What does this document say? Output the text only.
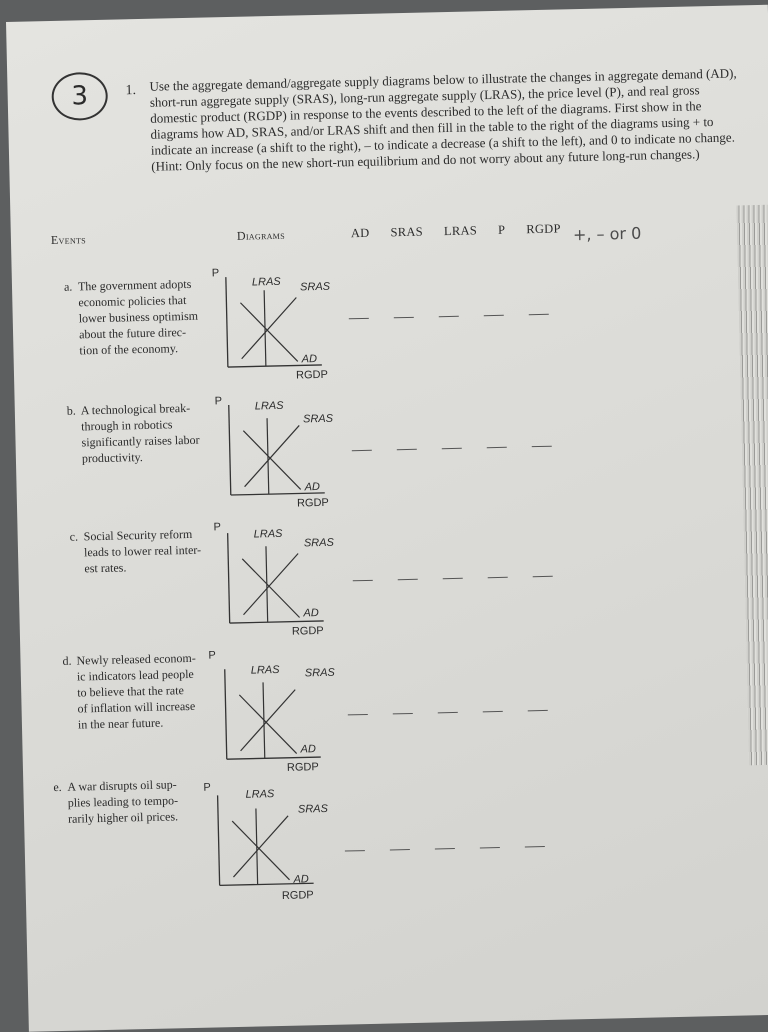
3	1. Use the aggregate demand/aggregate supply diagrams below to illustrate the changes in aggregate demand (AD), short-run aggregate supply (SRAS), long-run aggregate supply (LRAS), the price level (P), and real gross domestic product (RGDP) in response to the events described to the left of the diagrams. First show in the diagrams how AD, SRAS, and/or LRAS shift and then fill in the table to the right of the diagrams using + to indicate an increase (a shift to the right), – to indicate a decrease (a shift to the left), and 0 to indicate no change. (Hint: Only focus on the new short-run equilibrium and do not worry about any future long-run changes.)
Events	Diagrams	AD SRAS LRAS P RGDP +, – or 0
a. The government adopts
economic policies that
lower business optimism
about the future direc-
tion of the economy.
P
LRAS SRAS
AD
RGDP
b. A technological break-
through in robotics
significantly raises labor
productivity.
P	LRAS
SRAS
AD
RGDP
c. Social Security reform
leads to lower real inter-
est rates.
P
LRAS
SRAS
AD
RGDP
d. Newly released econom-
ic indicators lead people
to believe that the rate
of inflation will increase
in the near future.
P
LRAS SRAS
AD
RGDP
e. A war disrupts oil sup-
plies leading to tempo-
rarily higher oil prices.
P
LRAS
SRAS
AD
RGDP
